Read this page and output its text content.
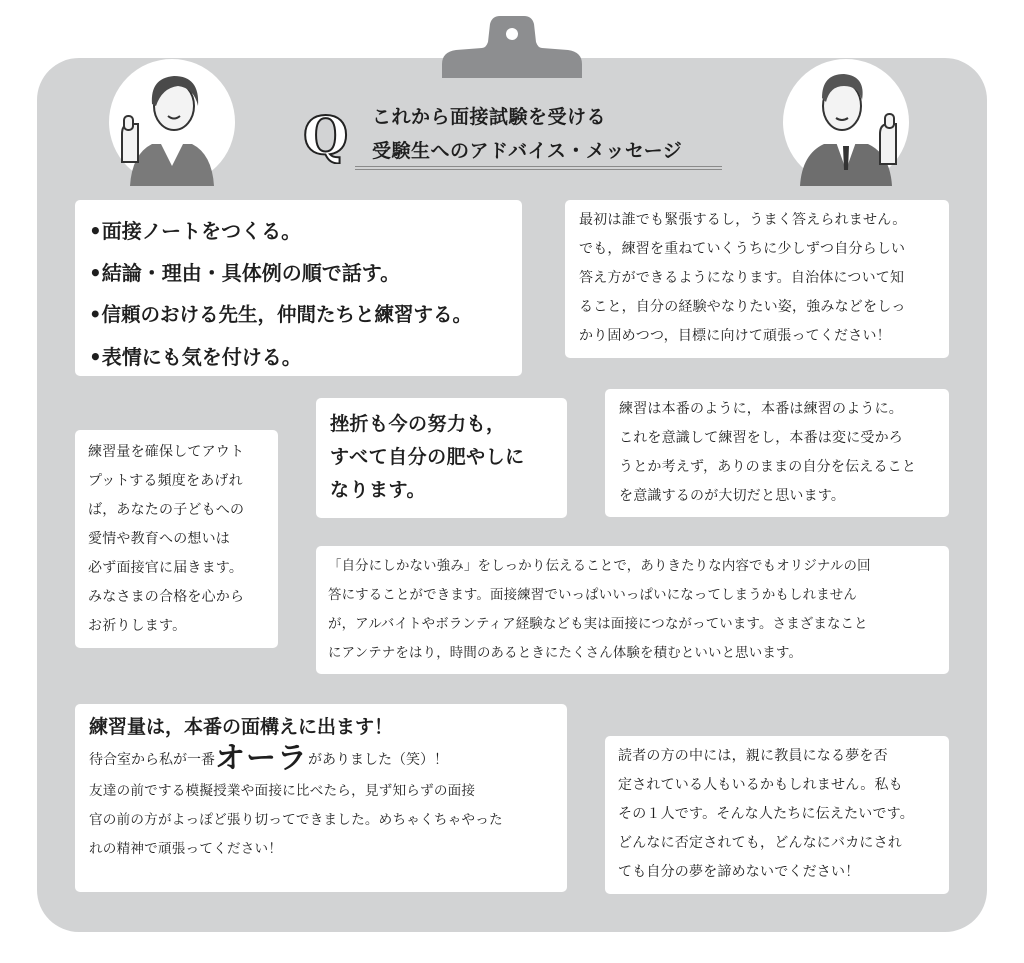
Q これから面接試験を受ける
受験生へのアドバイス・メッセージ
•面接ノートをつくる。
•結論・理由・具体例の順で話す。
•信頼のおける先生，仲間たちと練習する。
•表情にも気を付ける。
最初は誰でも緊張するし，うまく答えられません。
でも，練習を重ねていくうちに少しずつ自分らしい
答え方ができるようになります。自治体について知
ること，自分の経験やなりたい姿，強みなどをしっ
かり固めつつ，目標に向けて頑張ってください！
挫折も今の努力も，
すべて自分の肥やしに
なります。
練習は本番のように，本番は練習のように。
これを意識して練習をし，本番は変に受かろ
うとか考えず，ありのままの自分を伝えること
を意識するのが大切だと思います。
練習量を確保してアウト
プットする頻度をあげれ
ば，あなたの子どもへの
愛情や教育への想いは
必ず面接官に届きます。
みなさまの合格を心から
お祈りします。
「自分にしかない強み」をしっかり伝えることで，ありきたりな内容でもオリジナルの回
答にすることができます。面接練習でいっぱいいっぱいになってしまうかもしれません
が，アルバイトやボランティア経験なども実は面接につながっています。さまざまなこと
にアンテナをはり，時間のあるときにたくさん体験を積むといいと思います。
練習量は，本番の面構えに出ます！
待合室から私が一番オーラがありました（笑）！
友達の前でする模擬授業や面接に比べたら，見ず知らずの面接
官の前の方がよっぽど張り切ってできました。めちゃくちゃやった
れの精神で頑張ってください！
読者の方の中には，親に教員になる夢を否
定されている人もいるかもしれません。私も
その１人です。そんな人たちに伝えたいです。
どんなに否定されても，どんなにバカにされ
ても自分の夢を諦めないでください！
